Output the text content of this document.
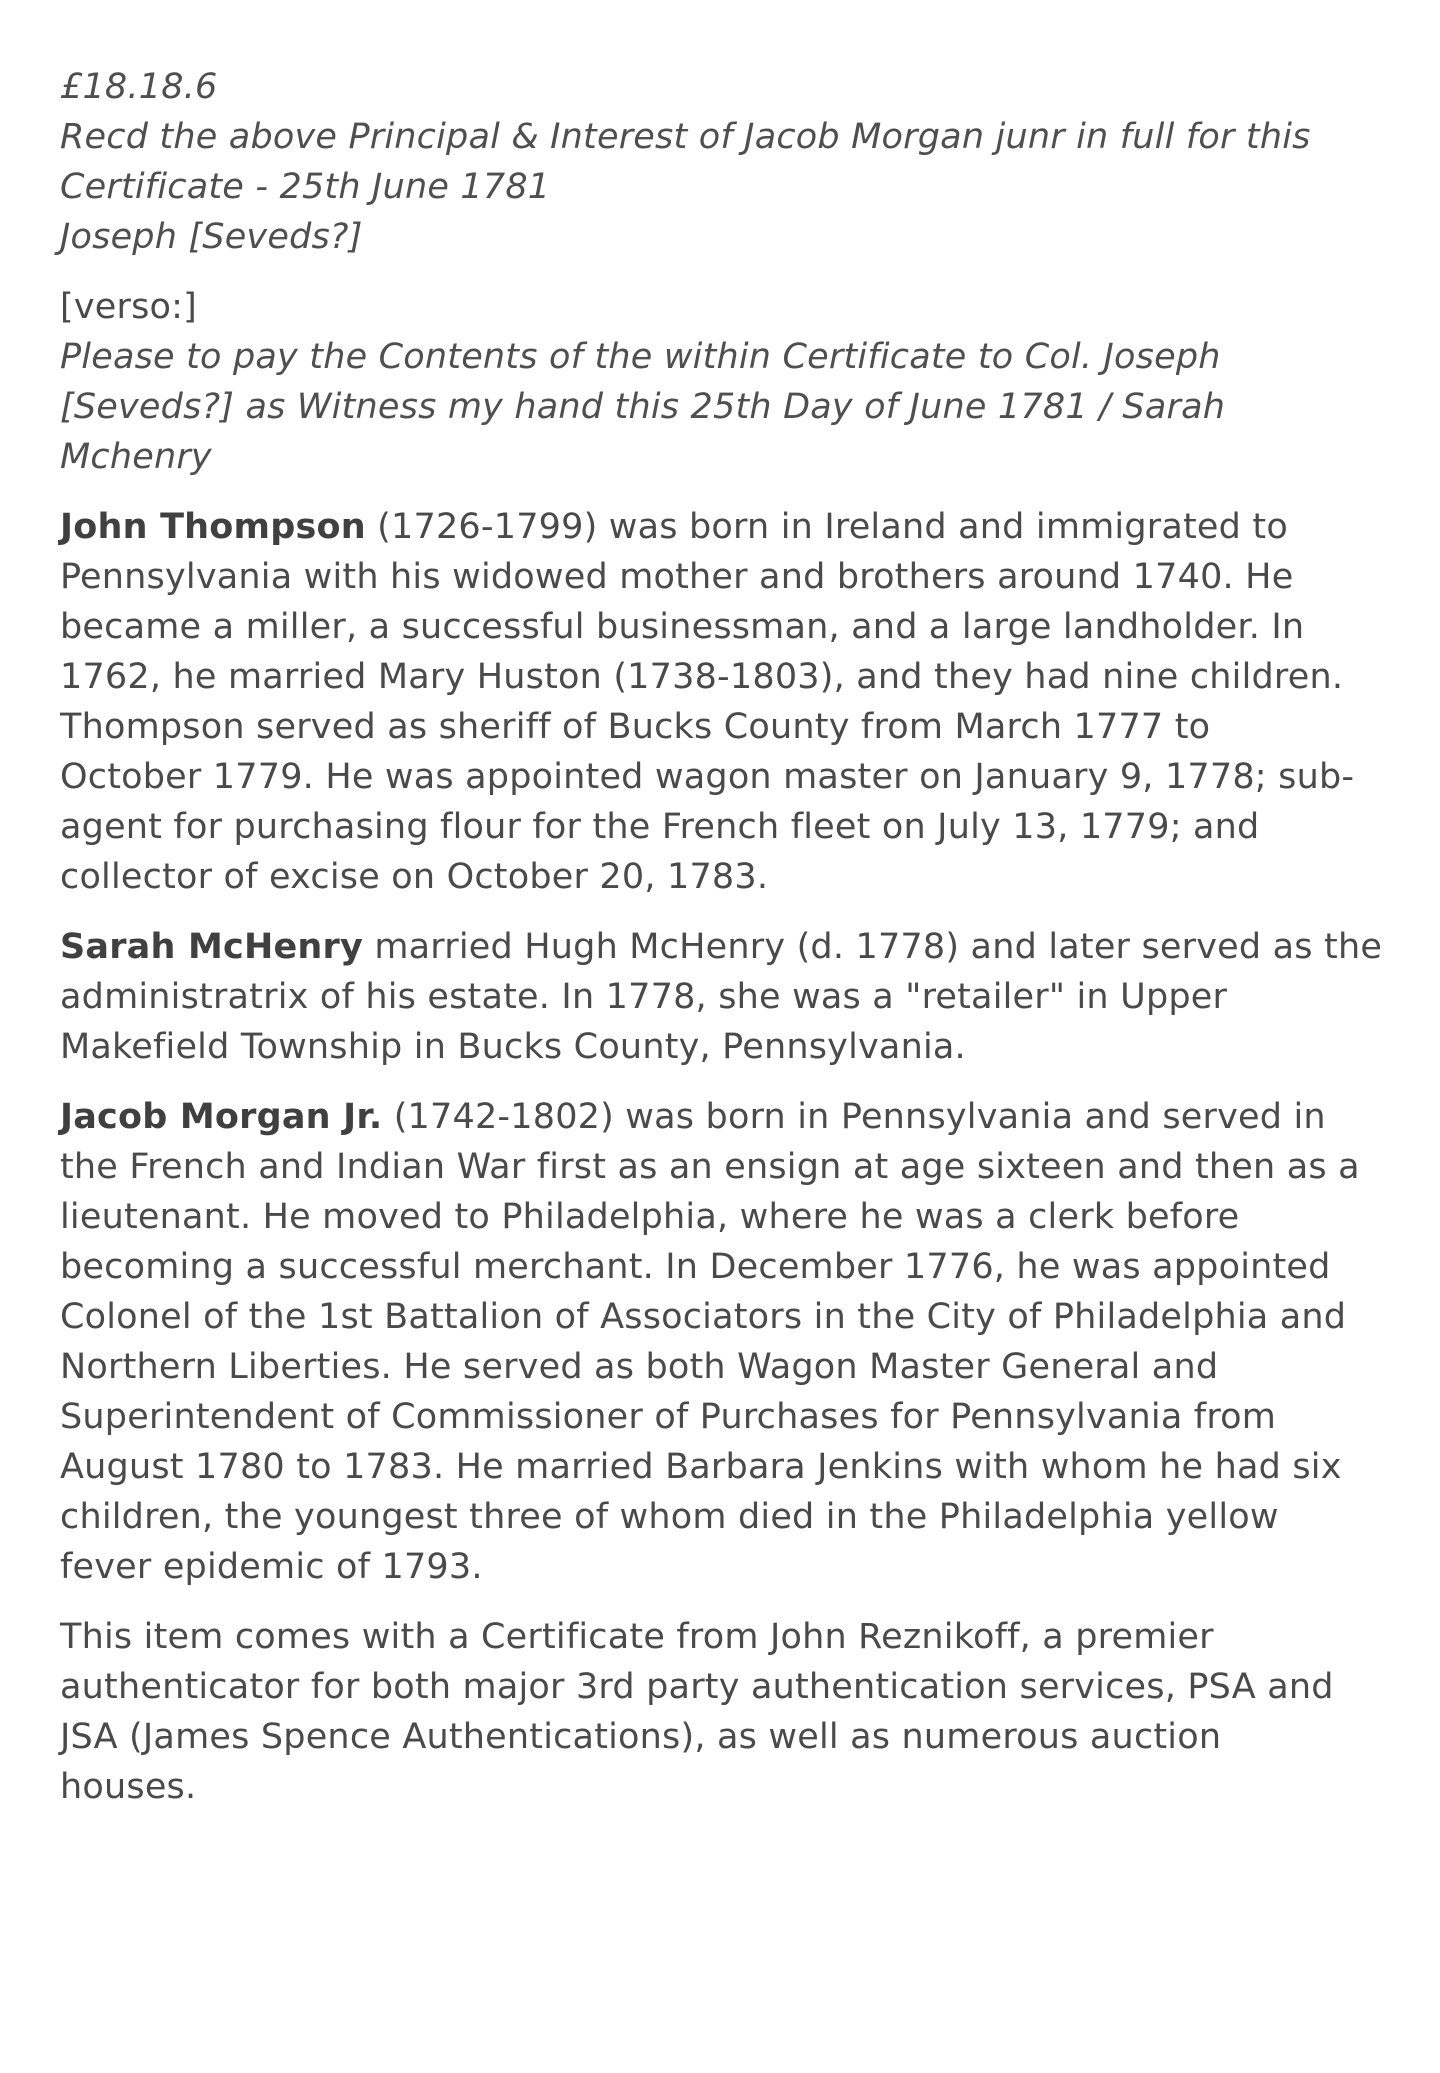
£18.18.6
Recd the above Principal & Interest of Jacob Morgan junr in full for this
Certificate - 25th June 1781
Joseph [Seveds?]
[verso:]
Please to pay the Contents of the within Certificate to Col. Joseph
[Seveds?] as Witness my hand this 25th Day of June 1781 / Sarah
Mchenry

John Thompson (1726-1799) was born in Ireland and immigrated to
Pennsylvania with his widowed mother and brothers around 1740. He
became a miller, a successful businessman, and a large landholder. In
1762, he married Mary Huston (1738-1803), and they had nine children.
Thompson served as sheriff of Bucks County from March 1777 to
October 1779. He was appointed wagon master on January 9, 1778; sub-
agent for purchasing flour for the French fleet on July 13, 1779; and
collector of excise on October 20, 1783.

Sarah McHenry married Hugh McHenry (d. 1778) and later served as the
administratrix of his estate. In 1778, she was a "retailer" in Upper
Makefield Township in Bucks County, Pennsylvania.

Jacob Morgan Jr. (1742-1802) was born in Pennsylvania and served in
the French and Indian War first as an ensign at age sixteen and then as a
lieutenant. He moved to Philadelphia, where he was a clerk before
becoming a successful merchant. In December 1776, he was appointed
Colonel of the 1st Battalion of Associators in the City of Philadelphia and
Northern Liberties. He served as both Wagon Master General and
Superintendent of Commissioner of Purchases for Pennsylvania from
August 1780 to 1783. He married Barbara Jenkins with whom he had six
children, the youngest three of whom died in the Philadelphia yellow
fever epidemic of 1793.

This item comes with a Certificate from John Reznikoff, a premier
authenticator for both major 3rd party authentication services, PSA and
JSA (James Spence Authentications), as well as numerous auction
houses.
